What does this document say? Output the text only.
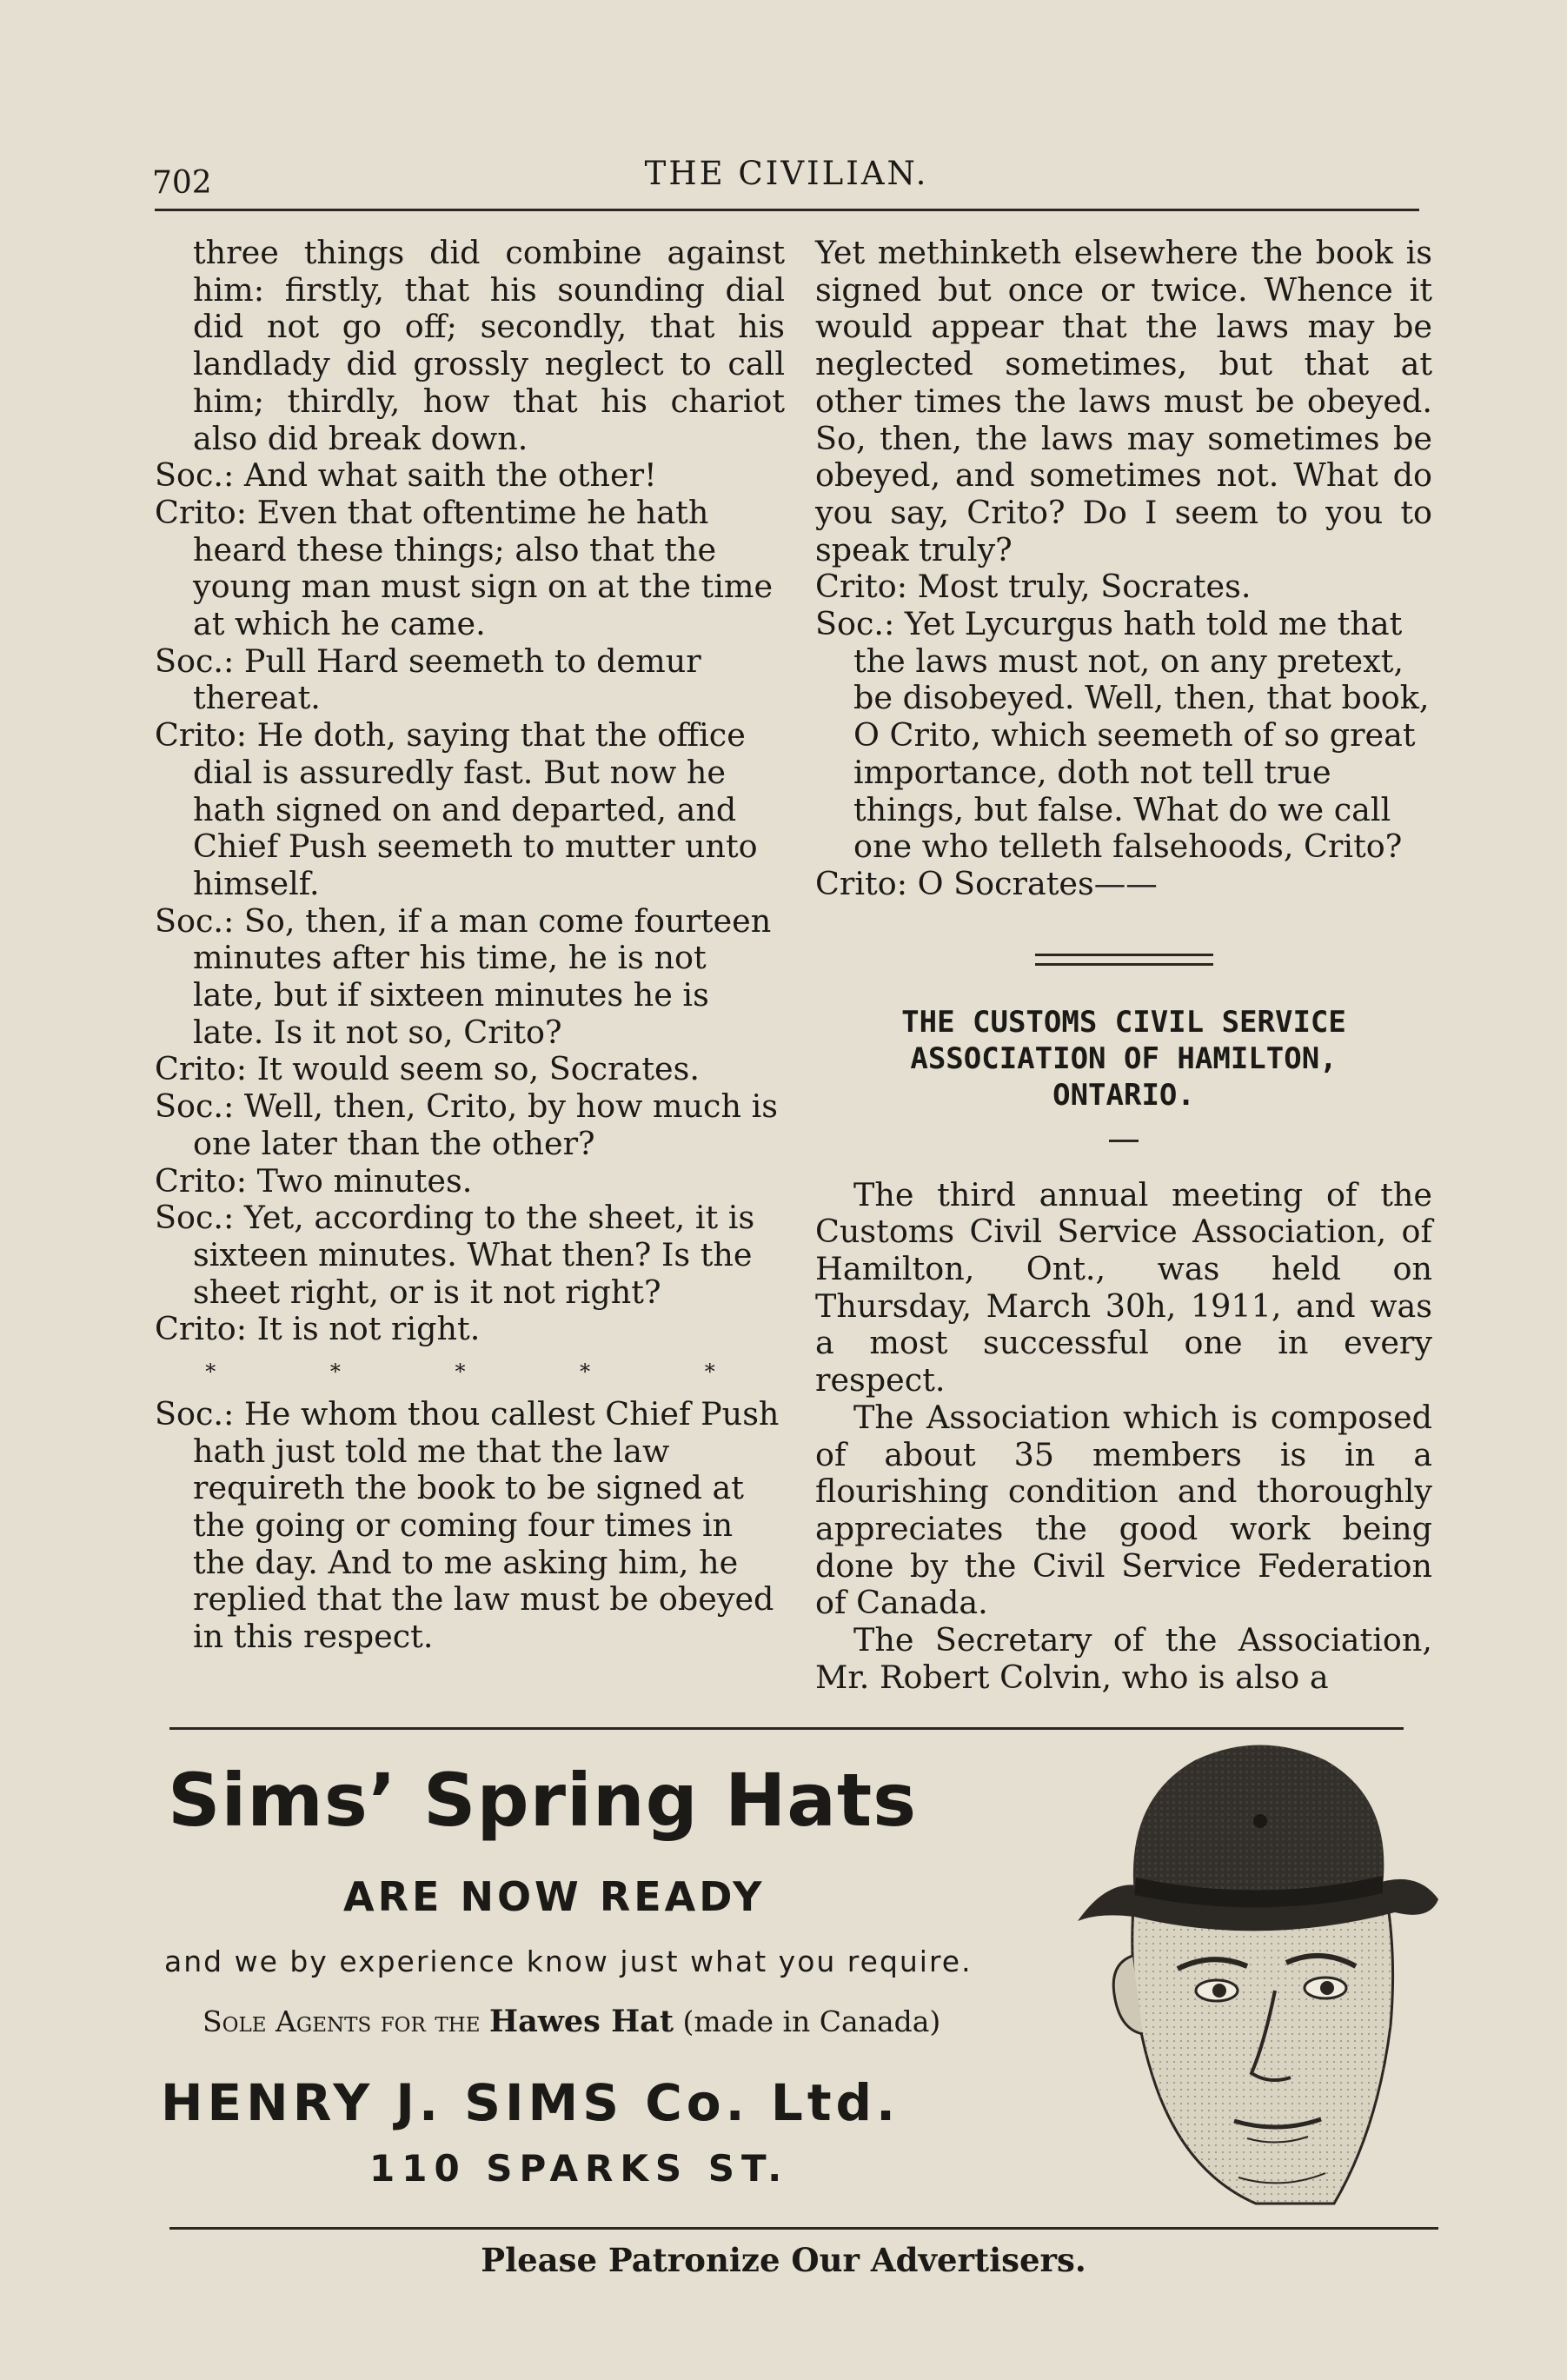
702	THE CIVILIAN.

three things did combine against him: firstly, that his sounding dial did not go off; secondly, that his landlady did grossly neglect to call him; thirdly, how that his chariot also did break down.

Soc.: And what saith the other!

Crito: Even that oftentime he hath heard these things; also that the young man must sign on at the time at which he came.

Soc.: Pull Hard seemeth to demur thereat.

Crito: He doth, saying that the office dial is assuredly fast. But now he hath signed on and departed, and Chief Push seemeth to mutter unto himself.

Soc.: So, then, if a man come fourteen minutes after his time, he is not late, but if sixteen minutes he is late. Is it not so, Crito?

Crito: It would seem so, Socrates.

Soc.: Well, then, Crito, by how much is one later than the other?

Crito: Two minutes.

Soc.: Yet, according to the sheet, it is sixteen minutes. What then? Is the sheet right, or is it not right?

Crito: It is not right.

* * * * *

Soc.: He whom thou callest Chief Push hath just told me that the law requireth the book to be signed at the going or coming four times in the day. And to me asking him, he replied that the law must be obeyed in this respect.

Yet methinketh elsewhere the book is signed but once or twice. Whence it would appear that the laws may be neglected sometimes, but that at other times the laws must be obeyed. So, then, the laws may sometimes be obeyed, and sometimes not. What do you say, Crito? Do I seem to you to speak truly?

Crito: Most truly, Socrates.

Soc.: Yet Lycurgus hath told me that the laws must not, on any pretext, be disobeyed. Well, then, that book, O Crito, which seemeth of so great importance, doth not tell true things, but false. What do we call one who telleth falsehoods, Crito?

Crito: O Socrates——

THE CUSTOMS CIVIL SERVICE
ASSOCIATION OF HAMILTON,
ONTARIO.

The third annual meeting of the Customs Civil Service Association, of Hamilton, Ont., was held on Thursday, March 30h, 1911, and was a most successful one in every respect.

The Association which is composed of about 35 members is in a flourishing condition and thoroughly appreciates the good work being done by the Civil Service Federation of Canada.

The Secretary of the Association, Mr. Robert Colvin, who is also a

Sims’ Spring Hats
ARE NOW READY
and we by experience know just what you require.
Sole Agents for the Hawes Hat (made in Canada)
HENRY J. SIMS Co. Ltd.
110 SPARKS ST.
Please Patronize Our Advertisers.
